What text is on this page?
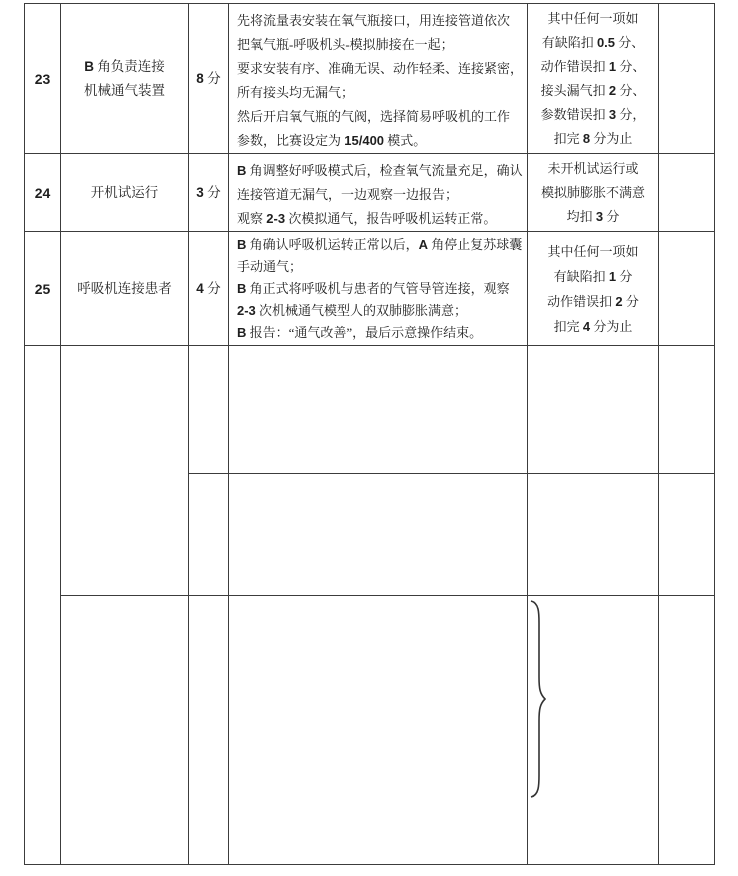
23

B 角负责连接
机械通气装置

8 分

先将流量表安装在氧气瓶接口，用连接管道依次
把氧气瓶-呼吸机头-模拟肺接在一起；
要求安装有序、准确无误、动作轻柔、连接紧密，
所有接头均无漏气；
然后开启氧气瓶的气阀，选择简易呼吸机的工作
参数，比赛设定为 15/400 模式。

其中任何一项如
有缺陷扣 0.5 分、
动作错误扣 1 分、
接头漏气扣 2 分、
参数错误扣 3 分，
扣完 8 分为止

24	开机试运行	3 分

B 角调整好呼吸模式后，检查氧气流量充足，确认
连接管道无漏气，一边观察一边报告；
观察 2-3 次模拟通气，报告呼吸机运转正常。

未开机试运行或
模拟肺膨胀不满意
均扣 3 分

25	呼吸机连接患者	4 分

B 角确认呼吸机运转正常以后，A 角停止复苏球囊
手动通气；
B 角正式将呼吸机与患者的气管导管连接，观察
2-3 次机械通气模型人的双肺膨胀满意；
B 报告：“通气改善”，最后示意操作结束。

其中任何一项如
有缺陷扣 1 分
动作错误扣 2 分
扣完 4 分为止
